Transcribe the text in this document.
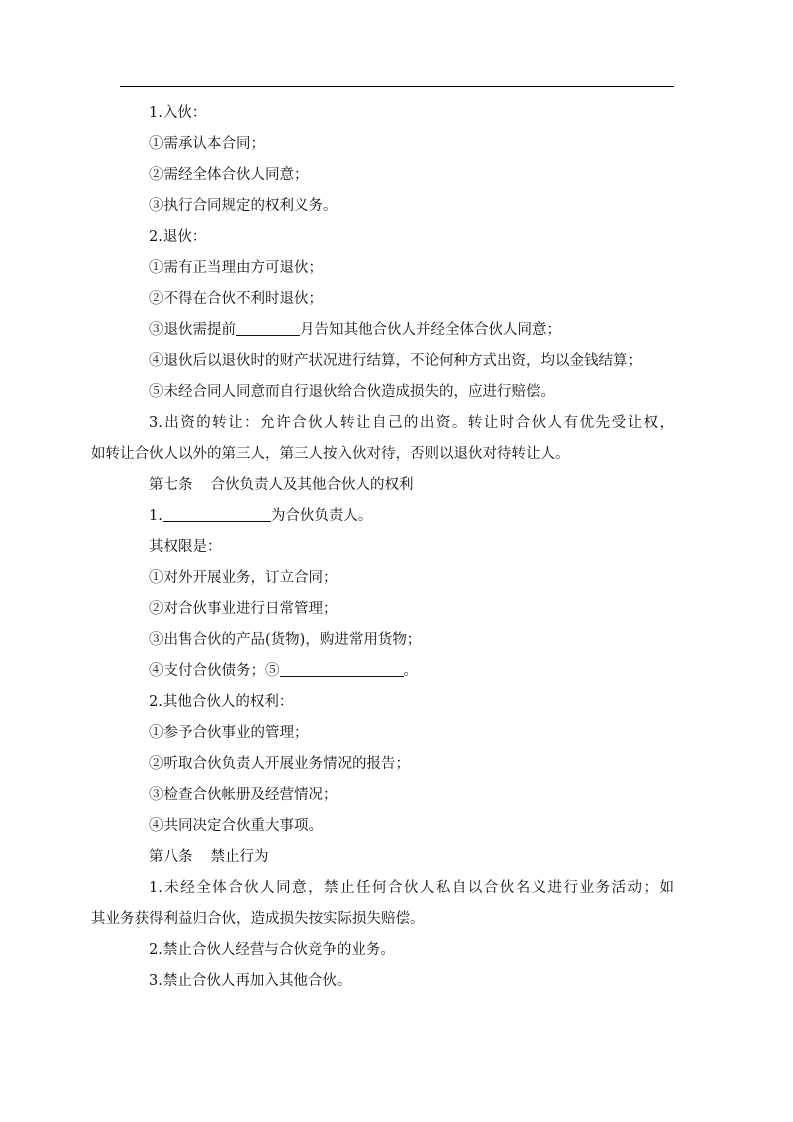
1.入伙：

①需承认本合同；

②需经全体合伙人同意；

③执行合同规定的权利义务。

2.退伙：

①需有正当理由方可退伙；

②不得在合伙不利时退伙；

③退伙需提前	月告知其他合伙人并经全体合伙人同意；

④退伙后以退伙时的财产状况进行结算，不论何种方式出资，均以金钱结算；

⑤未经合同人同意而自行退伙给合伙造成损失的，应进行赔偿。

3.出资的转让：允许合伙人转让自己的出资。转让时合伙人有优先受让权，
如转让合伙人以外的第三人，第三人按入伙对待，否则以退伙对待转让人。

第七条 合伙负责人及其他合伙人的权利

1.	为合伙负责人。

其权限是：

①对外开展业务，订立合同；

②对合伙事业进行日常管理；

③出售合伙的产品(货物)，购进常用货物；

④支付合伙债务；⑤	。

2.其他合伙人的权利：

①参予合伙事业的管理；

②听取合伙负责人开展业务情况的报告；

③检查合伙帐册及经营情况；

④共同决定合伙重大事项。

第八条 禁止行为

1.未经全体合伙人同意，禁止任何合伙人私自以合伙名义进行业务活动；如
其业务获得利益归合伙，造成损失按实际损失赔偿。

2.禁止合伙人经营与合伙竞争的业务。

3.禁止合伙人再加入其他合伙。
